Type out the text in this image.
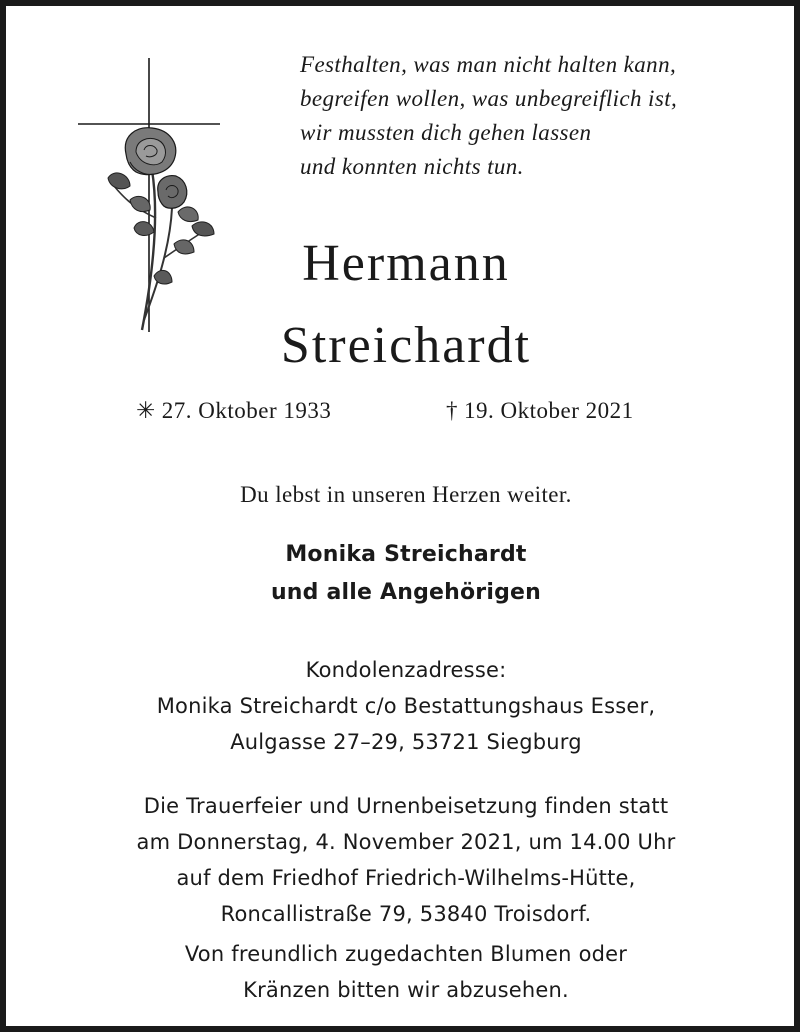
Festhalten, was man nicht halten kann,
begreifen wollen, was unbegreiflich ist,
wir mussten dich gehen lassen
und konnten nichts tun.
Hermann
Streichardt
✳ 27. Oktober 1933	† 19. Oktober 2021
Du lebst in unseren Herzen weiter.
Monika Streichardt
und alle Angehörigen
Kondolenzadresse:
Monika Streichardt c/o Bestattungshaus Esser,
Aulgasse 27–29, 53721 Siegburg
Die Trauerfeier und Urnenbeisetzung finden statt
am Donnerstag, 4. November 2021, um 14.00 Uhr
auf dem Friedhof Friedrich-Wilhelms-Hütte,
Roncallistraße 79, 53840 Troisdorf.
Von freundlich zugedachten Blumen oder
Kränzen bitten wir abzusehen.
